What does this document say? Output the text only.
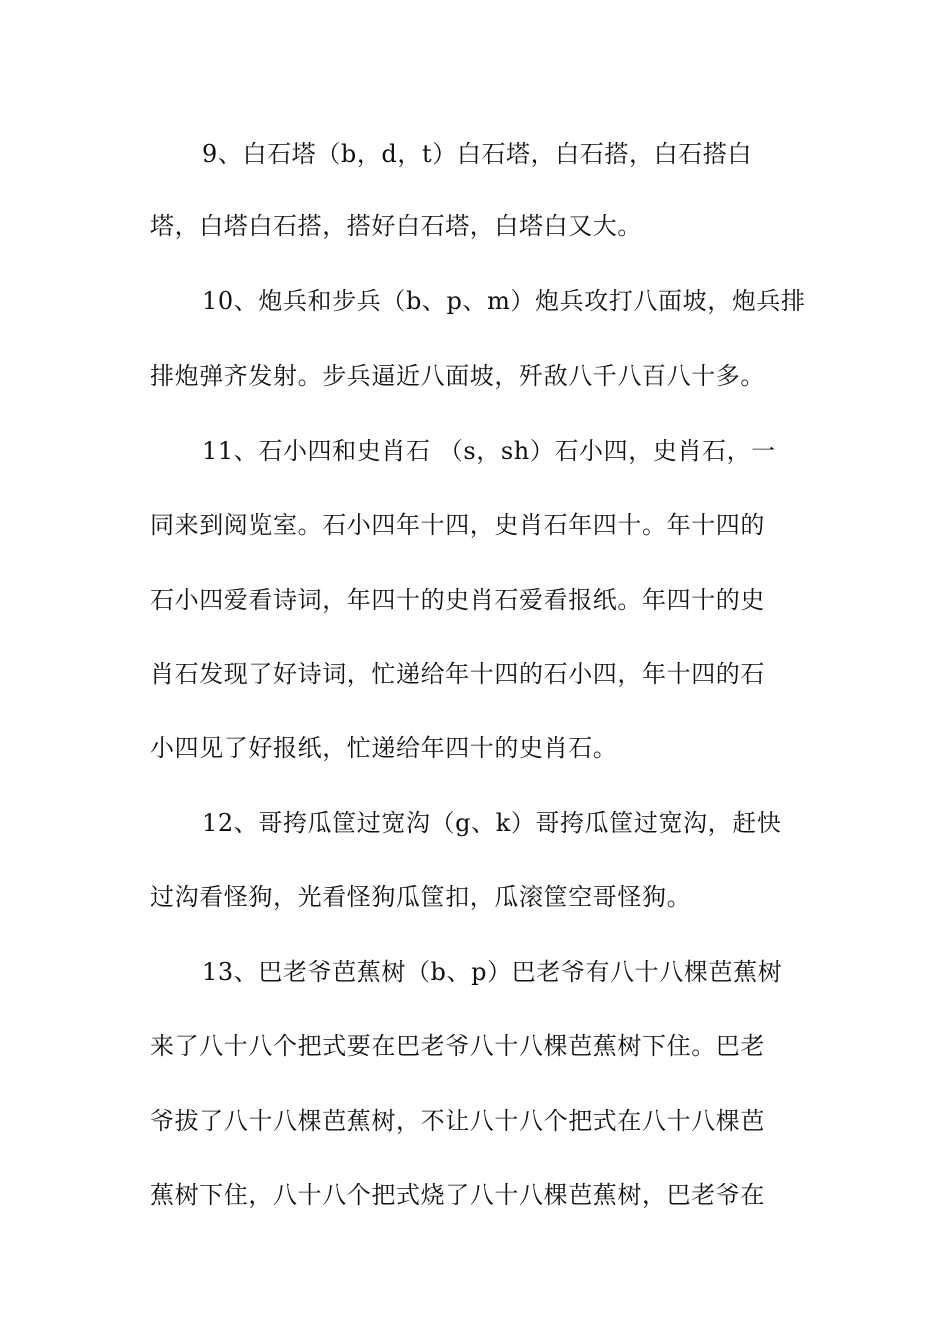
9、白石塔（b，d，t）白石塔，白石搭，白石搭白
塔，白塔白石搭，搭好白石塔，白塔白又大。
10、炮兵和步兵（b、p、m）炮兵攻打八面坡，炮兵排
排炮弹齐发射。步兵逼近八面坡，歼敌八千八百八十多。
11、石小四和史肖石 （s，sh）石小四，史肖石，一
同来到阅览室。石小四年十四，史肖石年四十。年十四的
石小四爱看诗词，年四十的史肖石爱看报纸。年四十的史
肖石发现了好诗词，忙递给年十四的石小四，年十四的石
小四见了好报纸，忙递给年四十的史肖石。
12、哥挎瓜筐过宽沟（g、k）哥挎瓜筐过宽沟，赶快
过沟看怪狗，光看怪狗瓜筐扣，瓜滚筐空哥怪狗。
13、巴老爷芭蕉树（b、p）巴老爷有八十八棵芭蕉树
来了八十八个把式要在巴老爷八十八棵芭蕉树下住。巴老
爷拔了八十八棵芭蕉树，不让八十八个把式在八十八棵芭
蕉树下住，八十八个把式烧了八十八棵芭蕉树，巴老爷在
